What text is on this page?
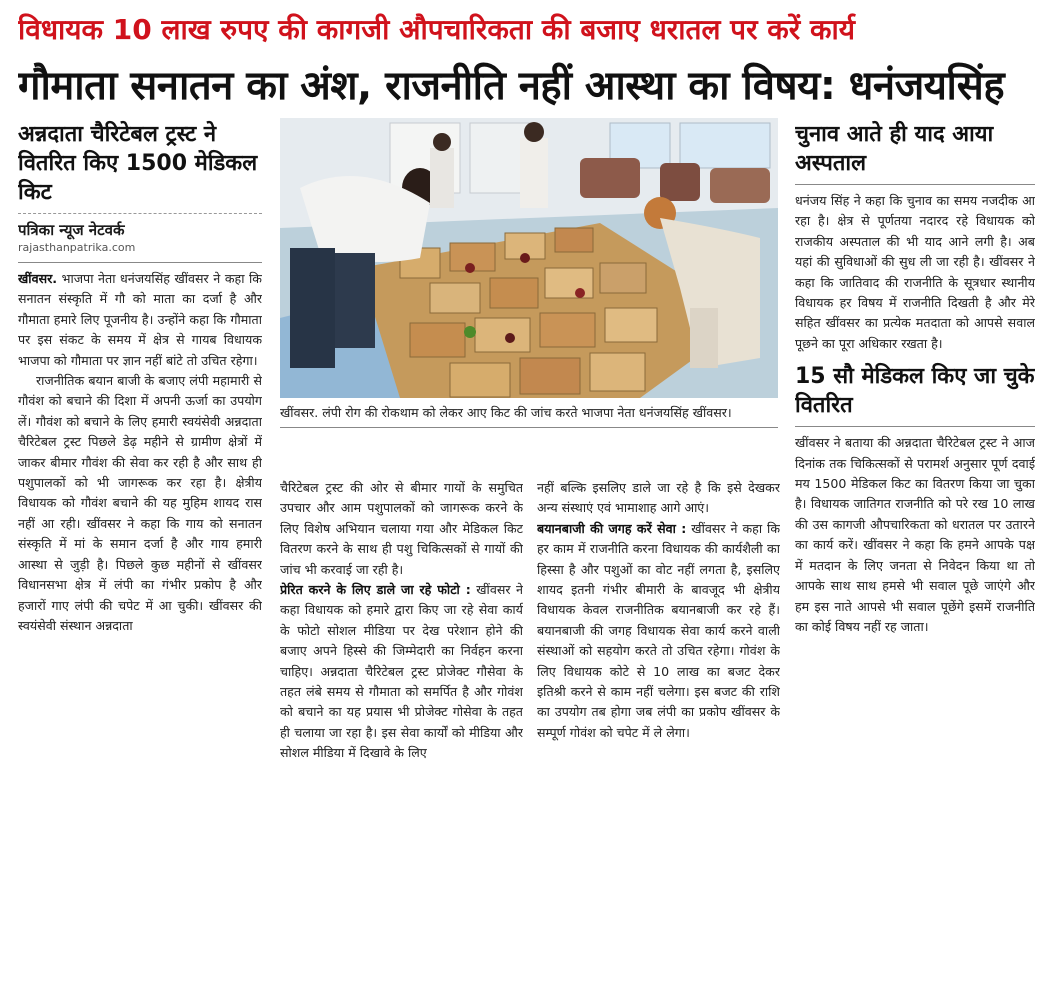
विधायक 10 लाख रुपए की कागजी औपचारिकता की बजाए धरातल पर करें कार्य
गौमाता सनातन का अंश, राजनीति नहीं आस्था का विषय: धनंजयसिंह
अन्नदाता चैरिटेबल ट्रस्ट ने वितरित किए 1500 मेडिकल किट
पत्रिका न्यूज नेटवर्क
rajasthanpatrika.com

खींवसर. भाजपा नेता धनंजयसिंह खींवसर ने कहा कि सनातन संस्कृति में गौ को माता का दर्जा है और गौमाता हमारे लिए पूजनीय है। उन्होंने कहा कि गौमाता पर इस संकट के समय में क्षेत्र से गायब विधायक भाजपा को गौमाता पर ज्ञान नहीं बांटे तो उचित रहेगा।

राजनीतिक बयान बाजी के बजाए लंपी महामारी से गौवंश को बचाने की दिशा में अपनी ऊर्जा का उपयोग लें। गौवंश को बचाने के लिए हमारी स्वयंसेवी अन्नदाता चैरिटेबल ट्रस्ट पिछले डेढ़ महीने से ग्रामीण क्षेत्रों में जाकर बीमार गौवंश की सेवा कर रही है और साथ ही पशुपालकों को भी जागरूक कर रहा है। क्षेत्रीय विधायक को गौवंश बचाने की यह मुहिम शायद रास नहीं आ रही। खींवसर ने कहा कि गाय को सनातन संस्कृति में मां के समान दर्जा है और गाय हमारी आस्था से जुड़ी है। पिछले कुछ महीनों से खींवसर विधानसभा क्षेत्र में लंपी का गंभीर प्रकोप है और हजारों गाए लंपी की चपेट में आ चुकी। खींवसर की स्वयंसेवी संस्थान अन्नदाता

खींवसर. लंपी रोग की रोकथाम को लेकर आए किट की जांच करते भाजपा नेता धनंजयसिंह खींवसर।

चैरिटेबल ट्रस्ट की ओर से बीमार गायों के समुचित उपचार और आम पशुपालकों को जागरूक करने के लिए विशेष अभियान चलाया गया और मेडिकल किट वितरण करने के साथ ही पशु चिकित्सकों से गायों की जांच भी करवाई जा रही है।

प्रेरित करने के लिए डाले जा रहे फोटो : खींवसर ने कहा विधायक को हमारे द्वारा किए जा रहे सेवा कार्य के फोटो सोशल मीडिया पर देख परेशान होने की बजाए अपने हिस्से की जिम्मेदारी का निर्वहन करना चाहिए। अन्नदाता चैरिटेबल ट्रस्ट प्रोजेक्ट गौसेवा के तहत लंबे समय से गौमाता को समर्पित है और गोवंश को बचाने का यह प्रयास भी प्रोजेक्ट गोसेवा के तहत ही चलाया जा रहा है। इस सेवा कार्यों को मीडिया और सोशल मीडिया में दिखावे के लिए

नहीं बल्कि इसलिए डाले जा रहे है कि इसे देखकर अन्य संस्थाएं एवं भामाशाह आगे आएं।

बयानबाजी की जगह करें सेवा : खींवसर ने कहा कि हर काम में राजनीति करना विधायक की कार्यशैली का हिस्सा है और पशुओं का वोट नहीं लगता है, इसलिए शायद इतनी गंभीर बीमारी के बावजूद भी क्षेत्रीय विधायक केवल राजनीतिक बयानबाजी कर रहे हैं। बयानबाजी की जगह विधायक सेवा कार्य करने वाली संस्थाओं को सहयोग करते तो उचित रहेगा। गोवंश के लिए विधायक कोटे से 10 लाख का बजट देकर इतिश्री करने से काम नहीं चलेगा। इस बजट की राशि का उपयोग तब होगा जब लंपी का प्रकोप खींवसर के सम्पूर्ण गोवंश को चपेट में ले लेगा।

चुनाव आते ही याद आया अस्पताल

धनंजय सिंह ने कहा कि चुनाव का समय नजदीक आ रहा है। क्षेत्र से पूर्णतया नदारद रहे विधायक को राजकीय अस्पताल की भी याद आने लगी है। अब यहां की सुविधाओं की सुध ली जा रही है। खींवसर ने कहा कि जातिवाद की राजनीति के सूत्रधार स्थानीय विधायक हर विषय में राजनीति दिखती है और मेरे सहित खींवसर का प्रत्येक मतदाता को आपसे सवाल पूछने का पूरा अधिकार रखता है।

15 सौ मेडिकल किए जा चुके वितरित

खींवसर ने बताया की अन्नदाता चैरिटेबल ट्रस्ट ने आज दिनांक तक चिकित्सकों से परामर्श अनुसार पूर्ण दवाई मय 1500 मेडिकल किट का वितरण किया जा चुका है। विधायक जातिगत राजनीति को परे रख 10 लाख की उस कागजी औपचारिकता को धरातल पर उतारने का कार्य करें। खींवसर ने कहा कि हमने आपके पक्ष में मतदान के लिए जनता से निवेदन किया था तो आपके साथ साथ हमसे भी सवाल पूछे जाएंगे और हम इस नाते आपसे भी सवाल पूछेंगे इसमें राजनीति का कोई विषय नहीं रह जाता।
